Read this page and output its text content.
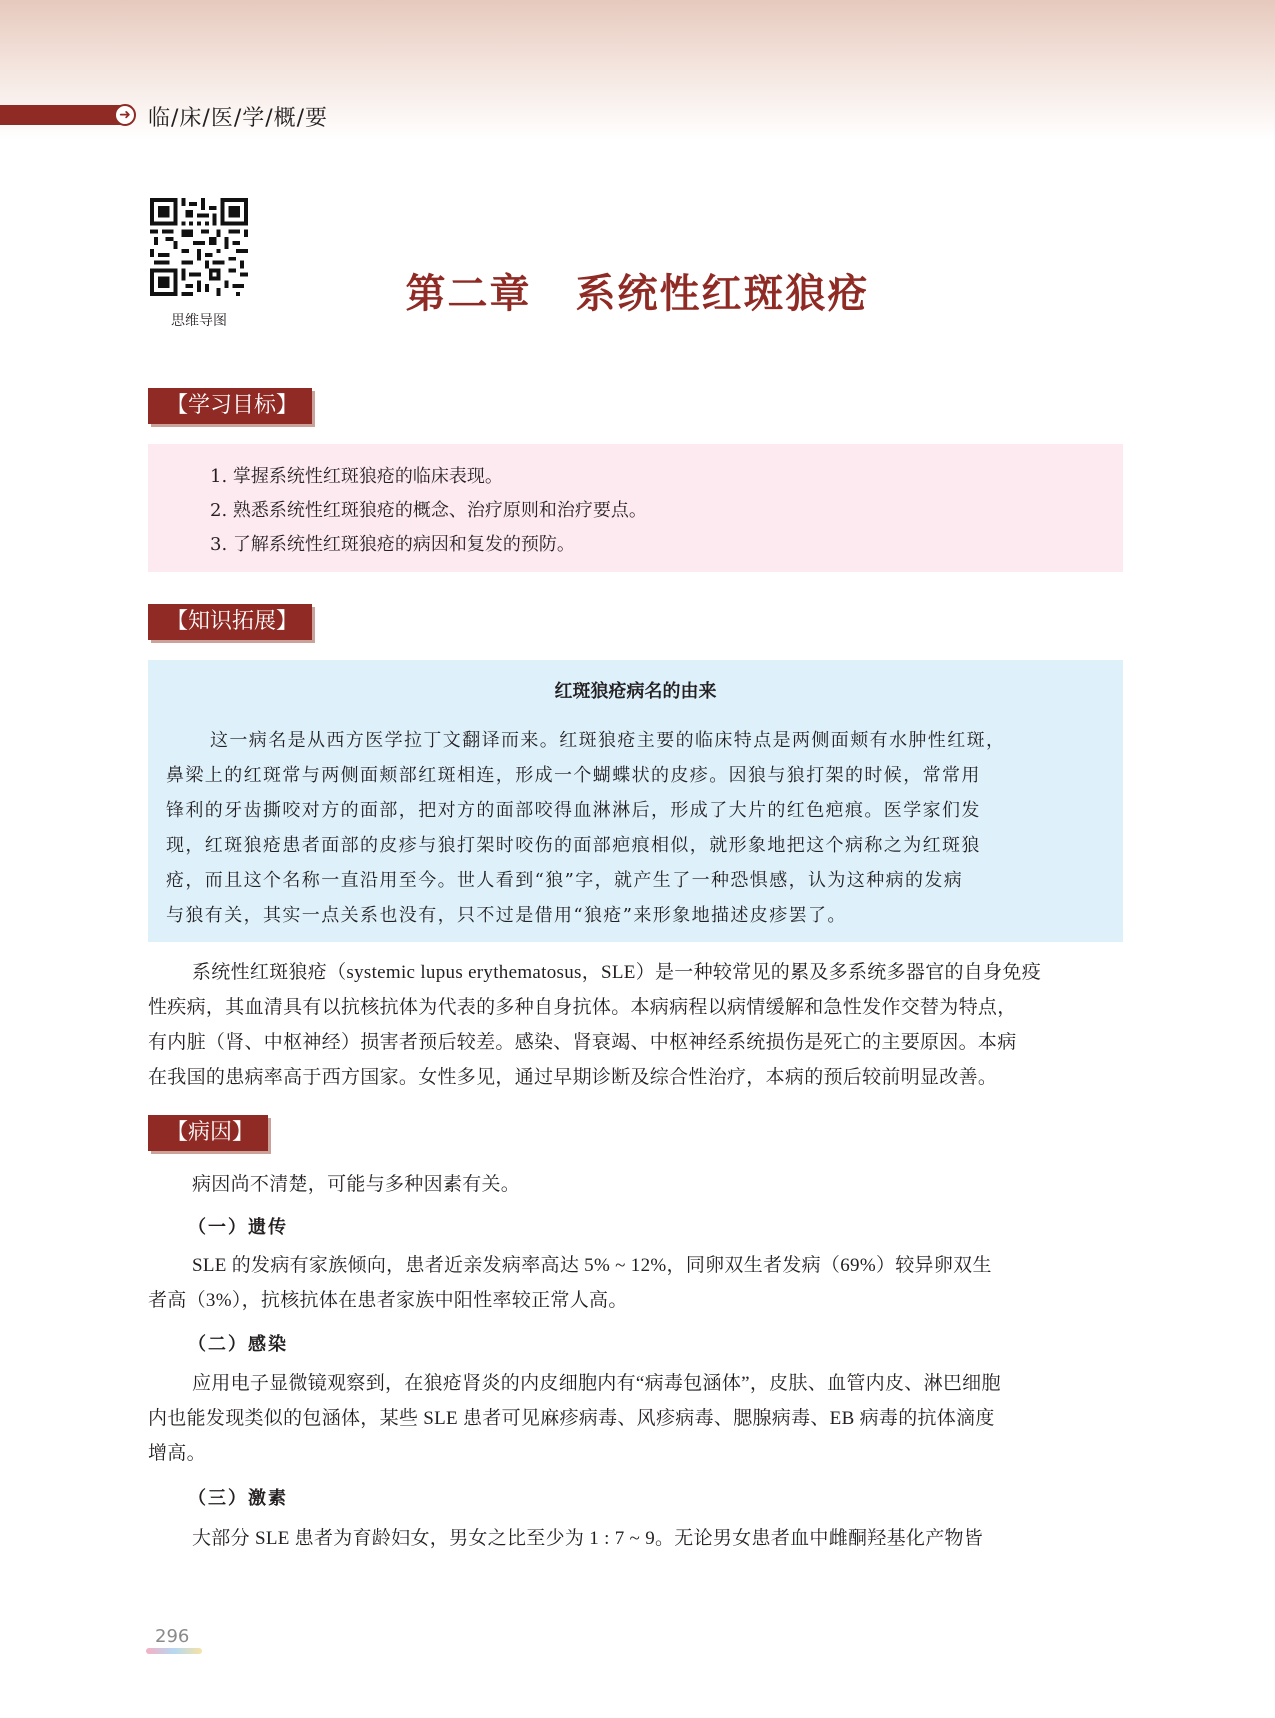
➜ 临/床/医/学/概/要
思维导图
第二章 系统性红斑狼疮
【学习目标】
1. 掌握系统性红斑狼疮的临床表现。
2. 熟悉系统性红斑狼疮的概念、治疗原则和治疗要点。
3. 了解系统性红斑狼疮的病因和复发的预防。
【知识拓展】
红斑狼疮病名的由来
这一病名是从西方医学拉丁文翻译而来。红斑狼疮主要的临床特点是两侧面颊有水肿性红斑，
鼻梁上的红斑常与两侧面颊部红斑相连，形成一个蝴蝶状的皮疹。因狼与狼打架的时候，常常用
锋利的牙齿撕咬对方的面部，把对方的面部咬得血淋淋后，形成了大片的红色疤痕。医学家们发
现，红斑狼疮患者面部的皮疹与狼打架时咬伤的面部疤痕相似，就形象地把这个病称之为红斑狼
疮，而且这个名称一直沿用至今。世人看到“狼”字，就产生了一种恐惧感，认为这种病的发病
与狼有关，其实一点关系也没有，只不过是借用“狼疮”来形象地描述皮疹罢了。
系统性红斑狼疮（systemic lupus erythematosus，SLE）是一种较常见的累及多系统多器官的自身免疫
性疾病，其血清具有以抗核抗体为代表的多种自身抗体。本病病程以病情缓解和急性发作交替为特点，
有内脏（肾、中枢神经）损害者预后较差。感染、肾衰竭、中枢神经系统损伤是死亡的主要原因。本病
在我国的患病率高于西方国家。女性多见，通过早期诊断及综合性治疗，本病的预后较前明显改善。
【病因】
病因尚不清楚，可能与多种因素有关。
（一）遗传
SLE 的发病有家族倾向，患者近亲发病率高达 5% ~ 12%，同卵双生者发病（69%）较异卵双生
者高（3%），抗核抗体在患者家族中阳性率较正常人高。
（二）感染
应用电子显微镜观察到，在狼疮肾炎的内皮细胞内有“病毒包涵体”，皮肤、血管内皮、淋巴细胞
内也能发现类似的包涵体，某些 SLE 患者可见麻疹病毒、风疹病毒、腮腺病毒、EB 病毒的抗体滴度
增高。
（三）激素
大部分 SLE 患者为育龄妇女，男女之比至少为 1 : 7 ~ 9。无论男女患者血中雌酮羟基化产物皆
296
